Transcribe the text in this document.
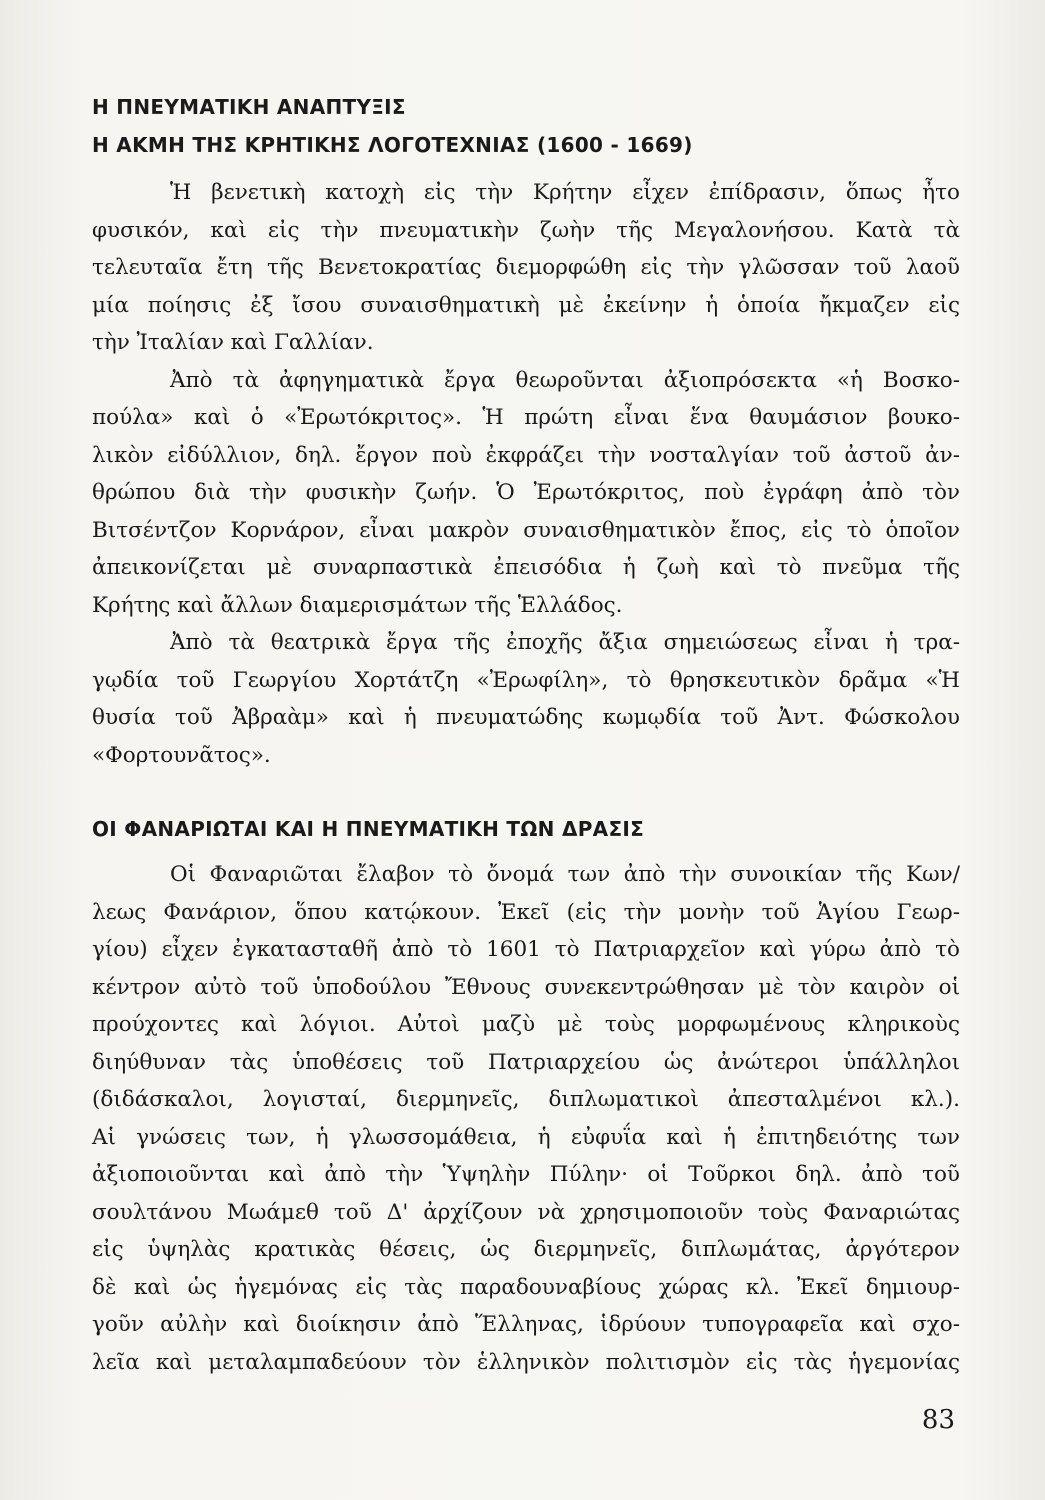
Η ΠΝΕΥΜΑΤΙΚΗ ΑΝΑΠΤΥΞΙΣ
Η ΑΚΜΗ ΤΗΣ ΚΡΗΤΙΚΗΣ ΛΟΓΟΤΕΧΝΙΑΣ (1600 - 1669)
Ἡ βενετικὴ κατοχὴ εἰς τὴν Κρήτην εἶχεν ἐπίδρασιν, ὅπως ἦτο
φυσικόν, καὶ εἰς τὴν πνευματικὴν ζωὴν τῆς Μεγαλονήσου. Κατὰ τὰ
τελευταῖα ἔτη τῆς Βενετοκρατίας διεμορφώθη εἰς τὴν γλῶσσαν τοῦ λαοῦ
μία ποίησις ἐξ ἴσου συναισθηματικὴ μὲ ἐκείνην ἡ ὁποία ἤκμαζεν εἰς
τὴν Ἰταλίαν καὶ Γαλλίαν.
Ἀπὸ τὰ ἀφηγηματικὰ ἔργα θεωροῦνται ἀξιοπρόσεκτα «ἡ Βοσκο-
πούλα» καὶ ὁ «Ἐρωτόκριτος». Ἡ πρώτη εἶναι ἕνα θαυμάσιον βουκο-
λικὸν εἰδύλλιον, δηλ. ἔργον ποὺ ἐκφράζει τὴν νοσταλγίαν τοῦ ἀστοῦ ἀν-
θρώπου διὰ τὴν φυσικὴν ζωήν. Ὁ Ἐρωτόκριτος, ποὺ ἐγράφη ἀπὸ τὸν
Βιτσέντζον Κορνάρον, εἶναι μακρὸν συναισθηματικὸν ἔπος, εἰς τὸ ὁποῖον
ἀπεικονίζεται μὲ συναρπαστικὰ ἐπεισόδια ἡ ζωὴ καὶ τὸ πνεῦμα τῆς
Κρήτης καὶ ἄλλων διαμερισμάτων τῆς Ἑλλάδος.
Ἀπὸ τὰ θεατρικὰ ἔργα τῆς ἐποχῆς ἄξια σημειώσεως εἶναι ἡ τρα-
γῳδία τοῦ Γεωργίου Χορτάτζη «Ἐρωφίλη», τὸ θρησκευτικὸν δρᾶμα «Ἡ
θυσία τοῦ Ἀβραὰμ» καὶ ἡ πνευματώδης κωμῳδία τοῦ Ἀντ. Φώσκολου
«Φορτουνᾶτος».
ΟΙ ΦΑΝΑΡΙΩΤΑΙ ΚΑΙ Η ΠΝΕΥΜΑΤΙΚΗ ΤΩΝ ΔΡΑΣΙΣ
Οἱ Φαναριῶται ἔλαβον τὸ ὄνομά των ἀπὸ τὴν συνοικίαν τῆς Κων/
λεως Φανάριον, ὅπου κατῴκουν. Ἐκεῖ (εἰς τὴν μονὴν τοῦ Ἁγίου Γεωρ-
γίου) εἶχεν ἐγκατασταθῆ ἀπὸ τὸ 1601 τὸ Πατριαρχεῖον καὶ γύρω ἀπὸ τὸ
κέντρον αὐτὸ τοῦ ὑποδούλου Ἔθνους συνεκεντρώθησαν μὲ τὸν καιρὸν οἱ
προύχοντες καὶ λόγιοι. Αὐτοὶ μαζὺ μὲ τοὺς μορφωμένους κληρικοὺς
διηύθυναν τὰς ὑποθέσεις τοῦ Πατριαρχείου ὡς ἀνώτεροι ὑπάλληλοι
(διδάσκαλοι, λογισταί, διερμηνεῖς, διπλωματικοὶ ἀπεσταλμένοι κλ.).
Αἱ γνώσεις των, ἡ γλωσσομάθεια, ἡ εὐφυΐα καὶ ἡ ἐπιτηδειότης των
ἀξιοποιοῦνται καὶ ἀπὸ τὴν Ὑψηλὴν Πύλην· οἱ Τοῦρκοι δηλ. ἀπὸ τοῦ
σουλτάνου Μωάμεθ τοῦ Δ' ἀρχίζουν νὰ χρησιμοποιοῦν τοὺς Φαναριώτας
εἰς ὑψηλὰς κρατικὰς θέσεις, ὡς διερμηνεῖς, διπλωμάτας, ἀργότερον
δὲ καὶ ὡς ἡγεμόνας εἰς τὰς παραδουναβίους χώρας κλ. Ἐκεῖ δημιουρ-
γοῦν αὐλὴν καὶ διοίκησιν ἀπὸ Ἕλληνας, ἱδρύουν τυπογραφεῖα καὶ σχο-
λεῖα καὶ μεταλαμπαδεύουν τὸν ἑλληνικὸν πολιτισμὸν εἰς τὰς ἡγεμονίας
83
